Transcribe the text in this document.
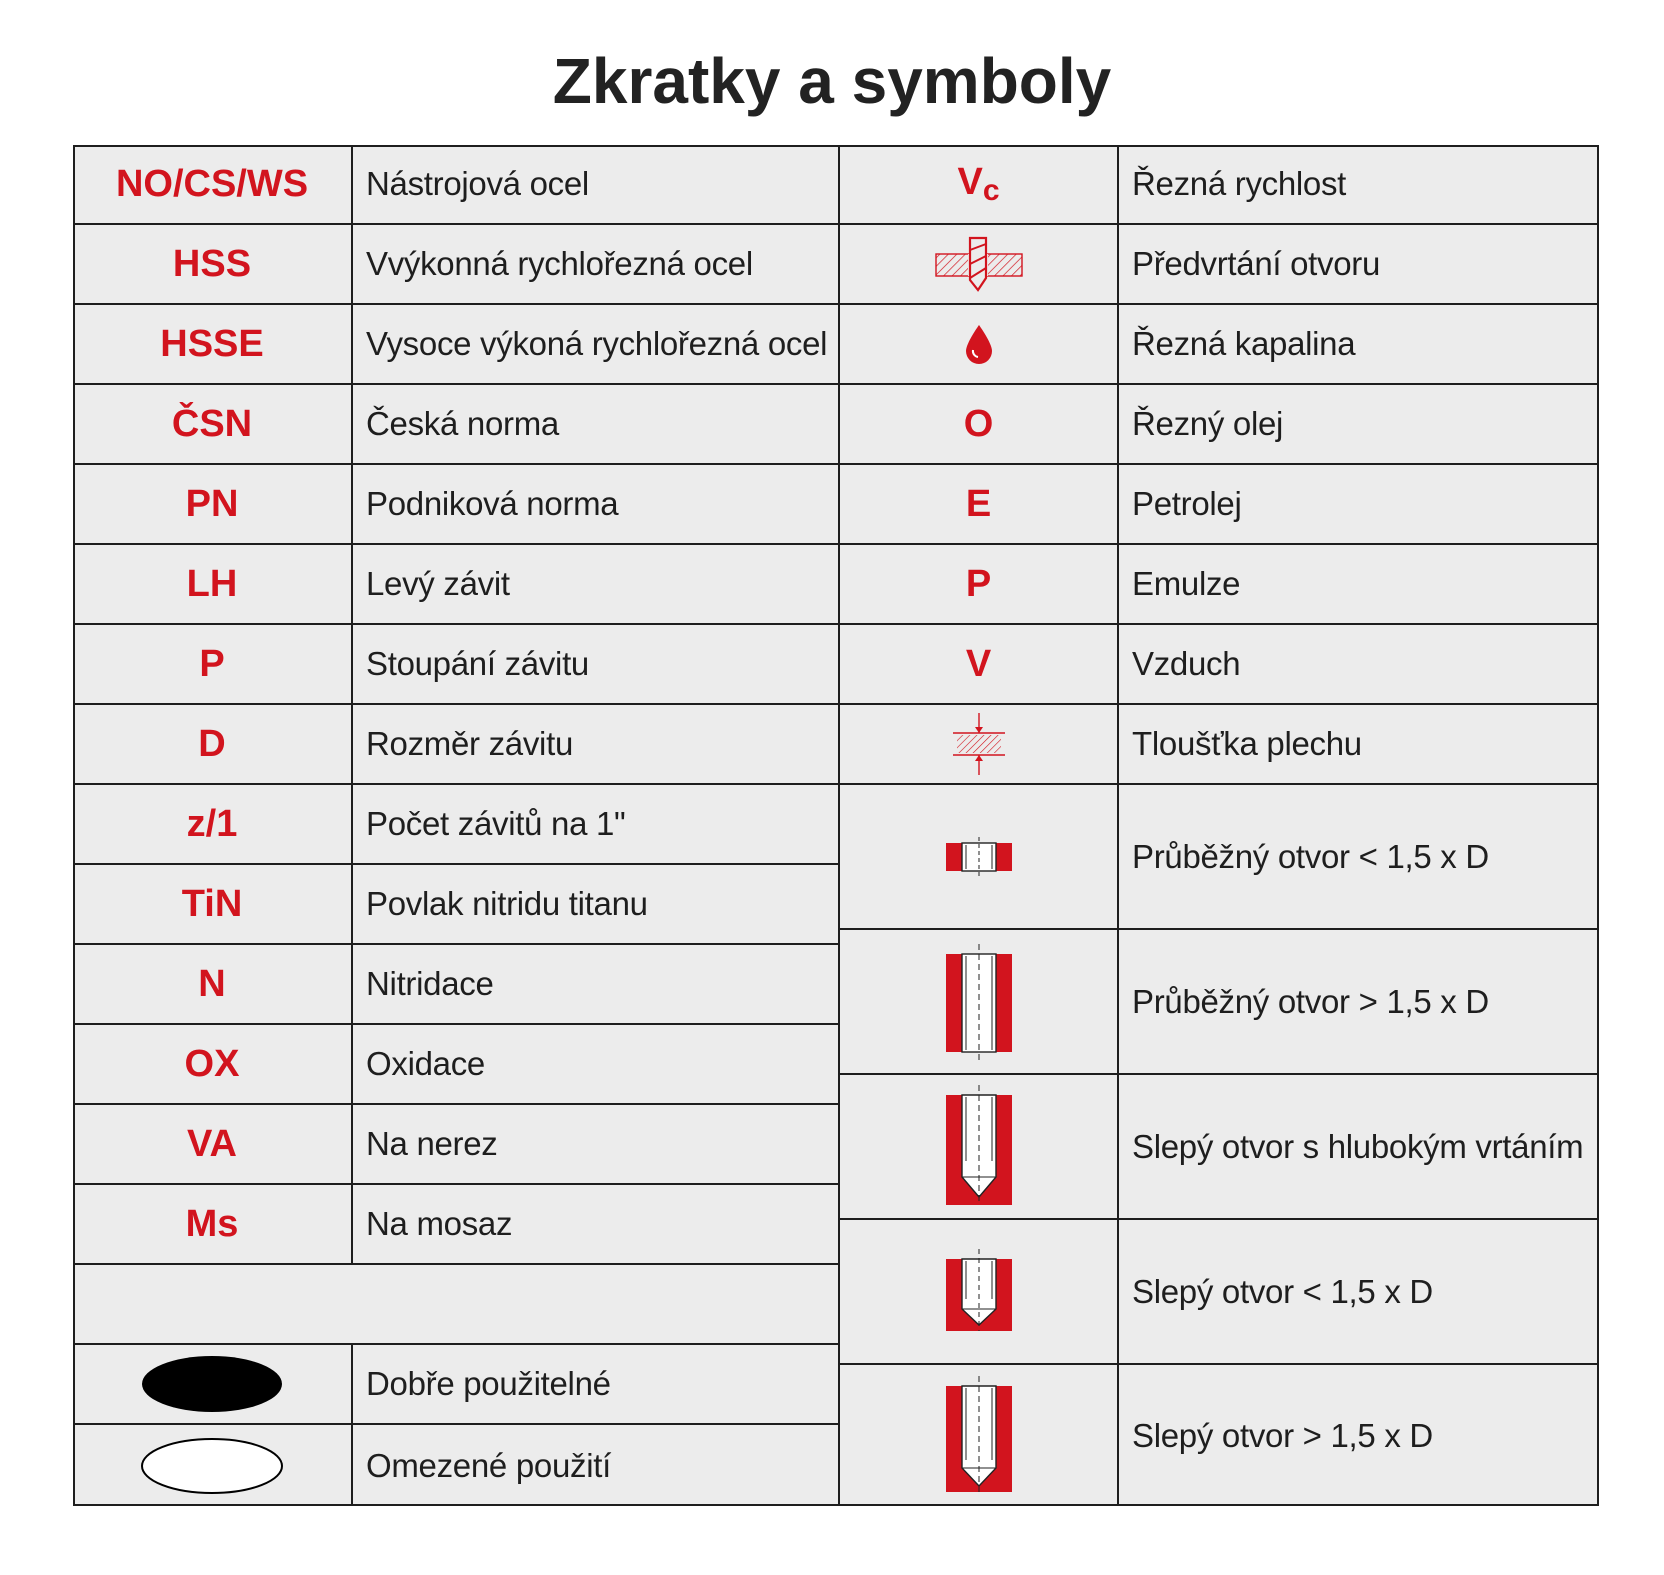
Zkratky a symboly
NO/CS/WS	Nástrojová ocel
HSS	Vvýkonná rychlořezná ocel
HSSE	Vysoce výkoná rychlořezná ocel
ČSN	Česká norma
PN	Podniková norma
LH	Levý závit
P	Stoupání závitu
D	Rozměr závitu
z/1	Počet závitů na 1"
TiN	Povlak nitridu titanu
N	Nitridace
OX	Oxidace
VA	Na nerez
Ms	Na mosaz
Dobře použitelné
Omezené použití
$V_c$	Řezná rychlost
Předvrtání otvoru
Řezná kapalina
O	Řezný olej
E	Petrolej
P	Emulze
V	Vzduch
Tloušťka plechu
Průběžný otvor < 1,5 x D
Průběžný otvor > 1,5 x D
Slepý otvor s hlubokým vrtáním
Slepý otvor < 1,5 x D
Slepý otvor > 1,5 x D
